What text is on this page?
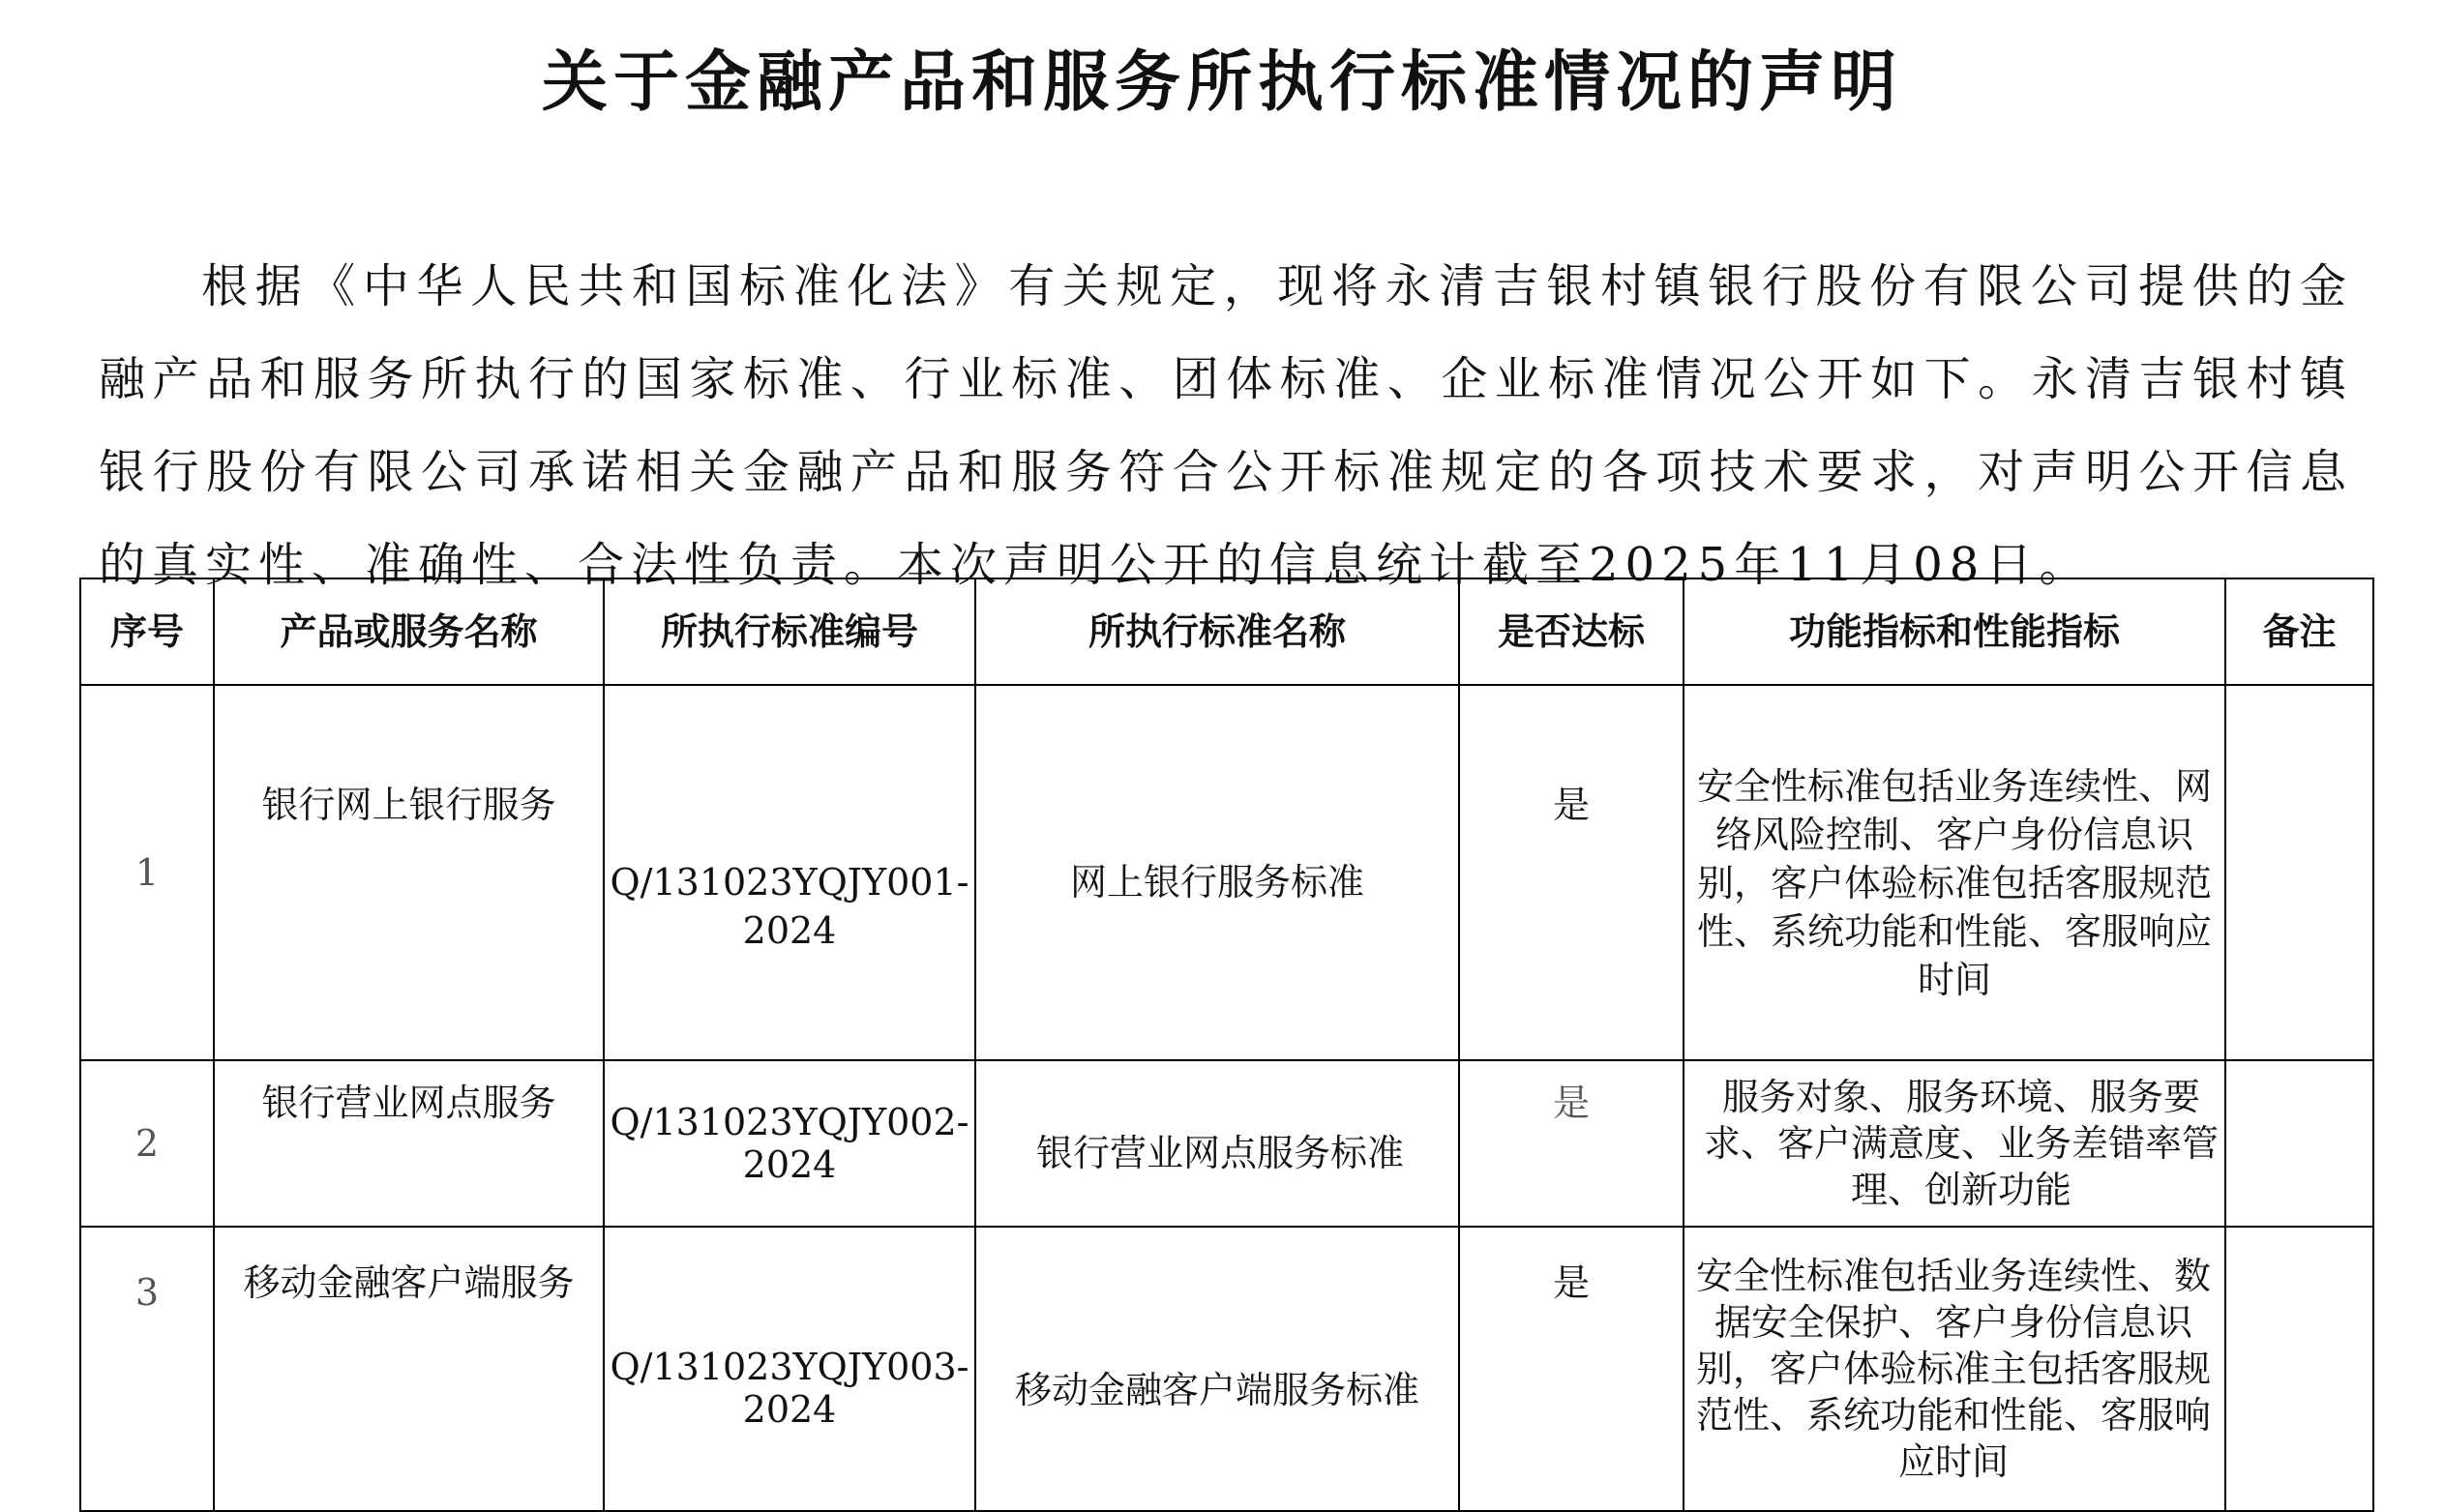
关于金融产品和服务所执行标准情况的声明

根据《中华人民共和国标准化法》有关规定，现将永清吉银村镇银行股份有限公司提供的金融产品和服务所执行的国家标准、行业标准、团体标准、企业标准情况公开如下。永清吉银村镇银行股份有限公司承诺相关金融产品和服务符合公开标准规定的各项技术要求，对声明公开信息的真实性、准确性、合法性负责。本次声明公开的信息统计截至2025年11月08日。

序号	产品或服务名称	所执行标准编号	所执行标准名称	是否达标	功能指标和性能指标	备注
1	银行网上银行服务	Q/131023YQJY001-2024	网上银行服务标准	是	安全性标准包括业务连续性、网络风险控制、客户身份信息识别，客户体验标准包括客服规范性、系统功能和性能、客服响应时间	
2	银行营业网点服务	Q/131023YQJY002-2024	银行营业网点服务标准	是	服务对象、服务环境、服务要求、客户满意度、业务差错率管理、创新功能	
3	移动金融客户端服务	Q/131023YQJY003-2024	移动金融客户端服务标准	是	安全性标准包括业务连续性、数据安全保护、客户身份信息识别，客户体验标准主包括客服规范性、系统功能和性能、客服响应时间	
